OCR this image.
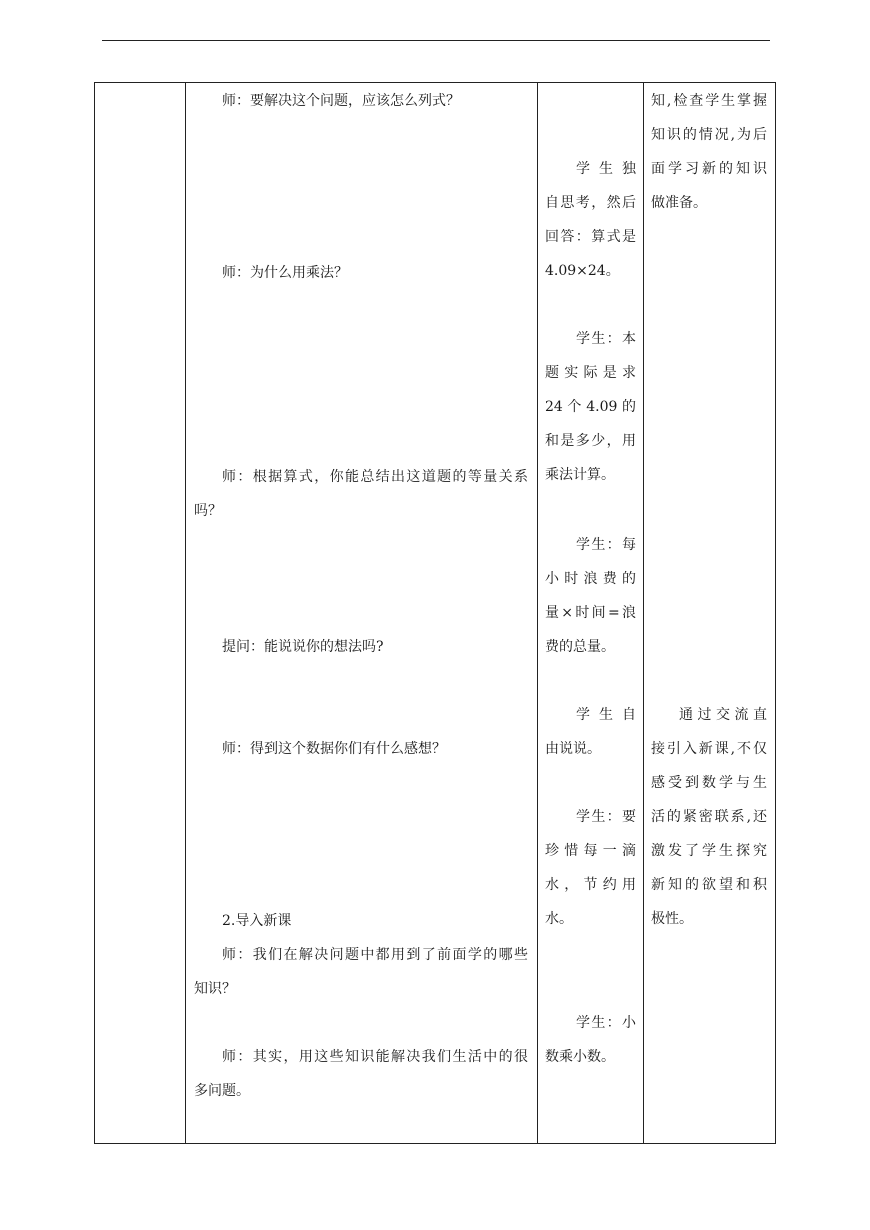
师：要解决这个问题，应该怎么列式？
师：为什么用乘法？
师：根据算式，你能总结出这道题的等量关系
吗？
提问：能说说你的想法吗?
师：得到这个数据你们有什么感想？
2.导入新课
师：我们在解决问题中都用到了前面学的哪些
知识？
师：其实，用这些知识能解决我们生活中的很
多问题。
学 生 独
自思考，然后
回答：算式是
4.09×24。
学生：本
题实际是求
24 个 4.09 的
和是多少，用
乘法计算。
学生：每
小时浪费的
量×时间=浪
费的总量。
学 生 自
由说说。
学生：要
珍惜每一滴
水，节约用
水。
学生：小
数乘小数。
知,检查学生掌握
知识的情况,为后
面学习新的知识
做准备。
通过交流直
接引入新课,不仅
感受到数学与生
活的紧密联系,还
激发了学生探究
新知的欲望和积
极性。
